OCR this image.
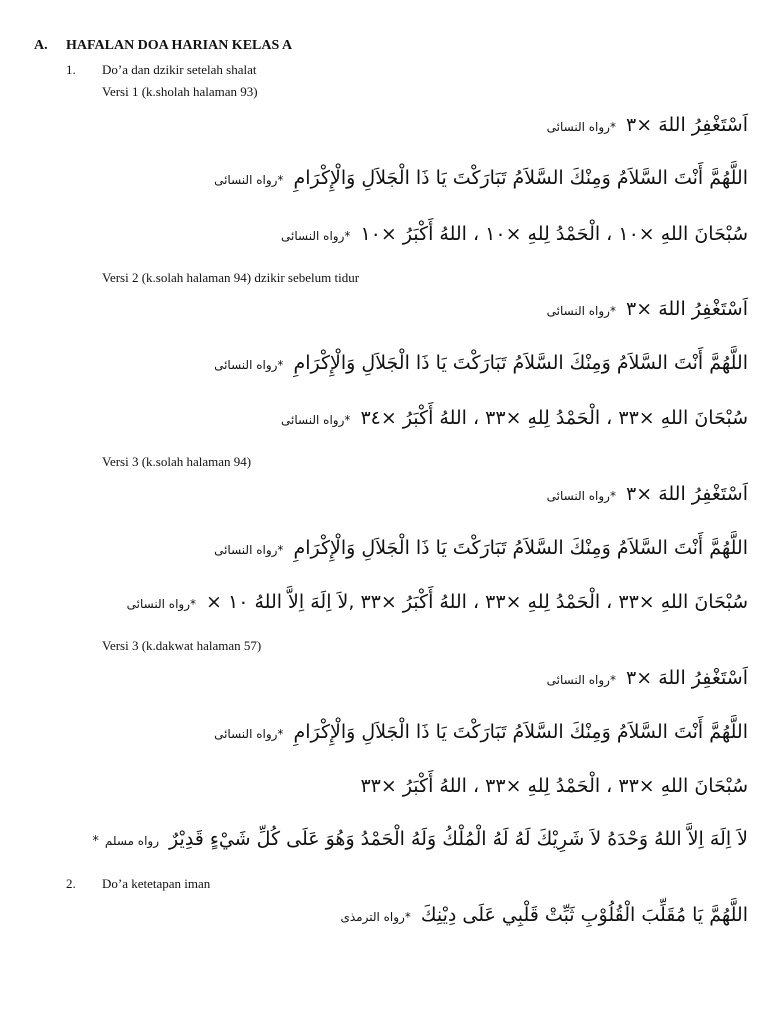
A. HAFALAN DOA HARIAN KELAS A
1. Do’a dan dzikir setelah shalat
Versi 1 (k.sholah halaman 93)
اَسْتَغْفِرُ اللهَ ×٣ *رواه النسائى
اللَّهُمَّ أَنْتَ السَّلاَمُ وَمِنْكَ السَّلاَمُ تَبَارَكْتَ يَا ذَا الْجَلاَلِ وَالْإِكْرَامِ *رواه النسائى
سُبْحَانَ اللهِ ×١٠ ، الْحَمْدُ لِلهِ ×١٠ ، اللهُ أَكْبَرُ ×١٠ *رواه النسائى
Versi 2 (k.solah halaman 94) dzikir sebelum tidur
اَسْتَغْفِرُ اللهَ ×٣ *رواه النسائى
اللَّهُمَّ أَنْتَ السَّلاَمُ وَمِنْكَ السَّلاَمُ تَبَارَكْتَ يَا ذَا الْجَلاَلِ وَالْإِكْرَامِ *رواه النسائى
سُبْحَانَ اللهِ ×٣٣ ، الْحَمْدُ لِلهِ ×٣٣ ، اللهُ أَكْبَرُ ×٣٤ *رواه النسائى
Versi 3 (k.solah halaman 94)
اَسْتَغْفِرُ اللهَ ×٣ *رواه النسائى
اللَّهُمَّ أَنْتَ السَّلاَمُ وَمِنْكَ السَّلاَمُ تَبَارَكْتَ يَا ذَا الْجَلاَلِ وَالْإِكْرَامِ *رواه النسائى
سُبْحَانَ اللهِ ×٣٣ ، الْحَمْدُ لِلهِ ×٣٣ ، اللهُ أَكْبَرُ ×٣٣ ,لاَ اِلَهَ اِلاَّ اللهُ ١٠ × *رواه النسائى
Versi 3 (k.dakwat halaman 57)
اَسْتَغْفِرُ اللهَ ×٣ *رواه النسائى
اللَّهُمَّ أَنْتَ السَّلاَمُ وَمِنْكَ السَّلاَمُ تَبَارَكْتَ يَا ذَا الْجَلاَلِ وَالْإِكْرَامِ *رواه النسائى
سُبْحَانَ اللهِ ×٣٣ ، الْحَمْدُ لِلهِ ×٣٣ ، اللهُ أَكْبَرُ ×٣٣
لاَ اِلَهَ اِلاَّ اللهُ وَحْدَهُ لاَ شَرِيْكَ لَهُ لَهُ الْمُلْكُ وَلَهُ الْحَمْدُ وَهُوَ عَلَى كُلِّ شَيْءٍ قَدِيْرٌ رواه مسلم*
2. Do’a ketetapan iman
اللَّهُمَّ يَا مُقَلِّبَ الْقُلُوْبِ ثَبِّتْ قَلْبِي عَلَى دِيْنِكَ *رواه الترمذى
